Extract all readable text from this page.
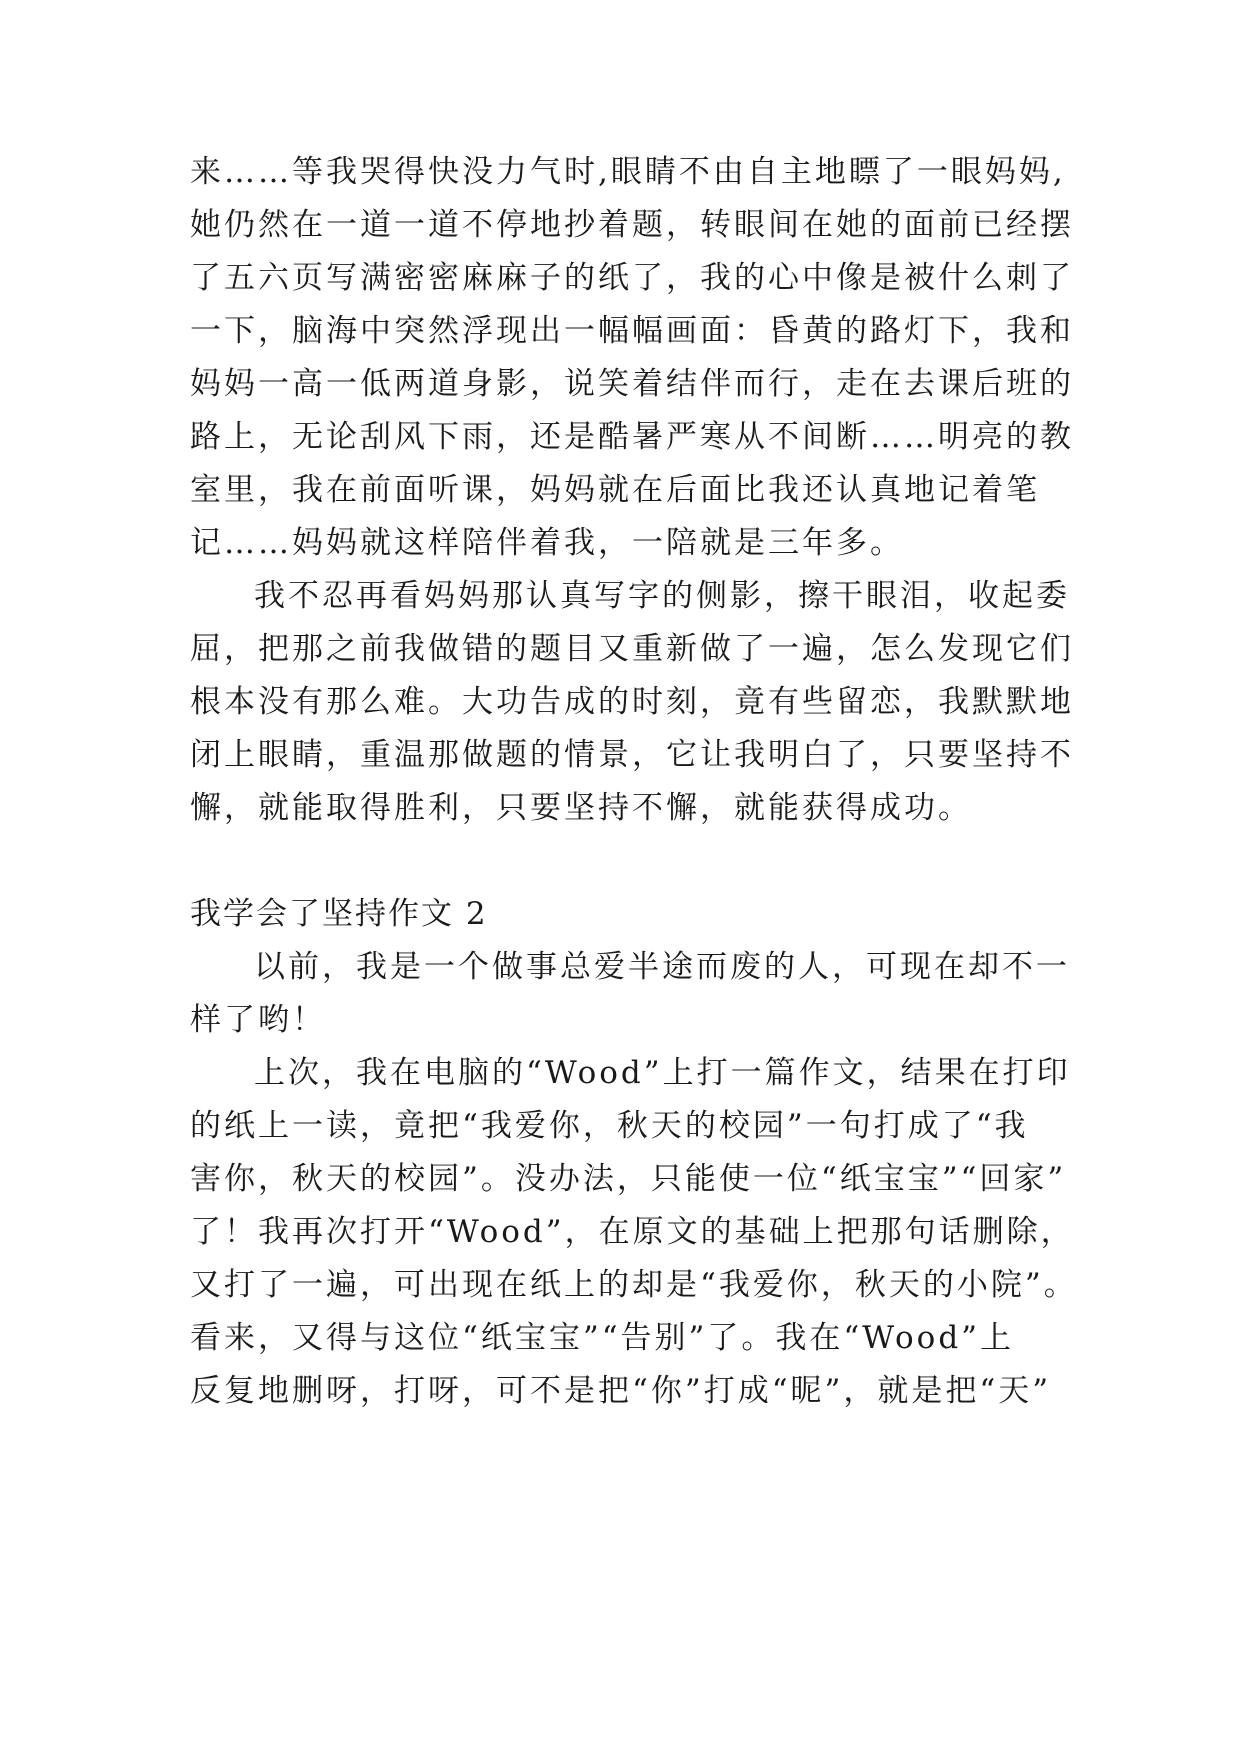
来……等我哭得快没力气时,眼睛不由自主地瞟了一眼妈妈,

她仍然在一道一道不停地抄着题，转眼间在她的面前已经摆

了五六页写满密密麻麻子的纸了，我的心中像是被什么刺了

一下，脑海中突然浮现出一幅幅画面：昏黄的路灯下，我和

妈妈一高一低两道身影，说笑着结伴而行，走在去课后班的

路上，无论刮风下雨，还是酷暑严寒从不间断……明亮的教

室里，我在前面听课，妈妈就在后面比我还认真地记着笔

记……妈妈就这样陪伴着我，一陪就是三年多。

我不忍再看妈妈那认真写字的侧影，擦干眼泪，收起委

屈，把那之前我做错的题目又重新做了一遍，怎么发现它们

根本没有那么难。大功告成的时刻，竟有些留恋，我默默地

闭上眼睛，重温那做题的情景，它让我明白了，只要坚持不

懈，就能取得胜利，只要坚持不懈，就能获得成功。

我学会了坚持作文 2

以前，我是一个做事总爱半途而废的人，可现在却不一

样了哟！

上次，我在电脑的“Wood”上打一篇作文，结果在打印

的纸上一读，竟把“我爱你，秋天的校园”一句打成了“我

害你，秋天的校园”。没办法，只能使一位“纸宝宝”“回家”

了！我再次打开“Wood”，在原文的基础上把那句话删除，

又打了一遍，可出现在纸上的却是“我爱你，秋天的小院”。

看来，又得与这位“纸宝宝”“告别”了。我在“Wood”上

反复地删呀，打呀，可不是把“你”打成“昵”，就是把“天”
